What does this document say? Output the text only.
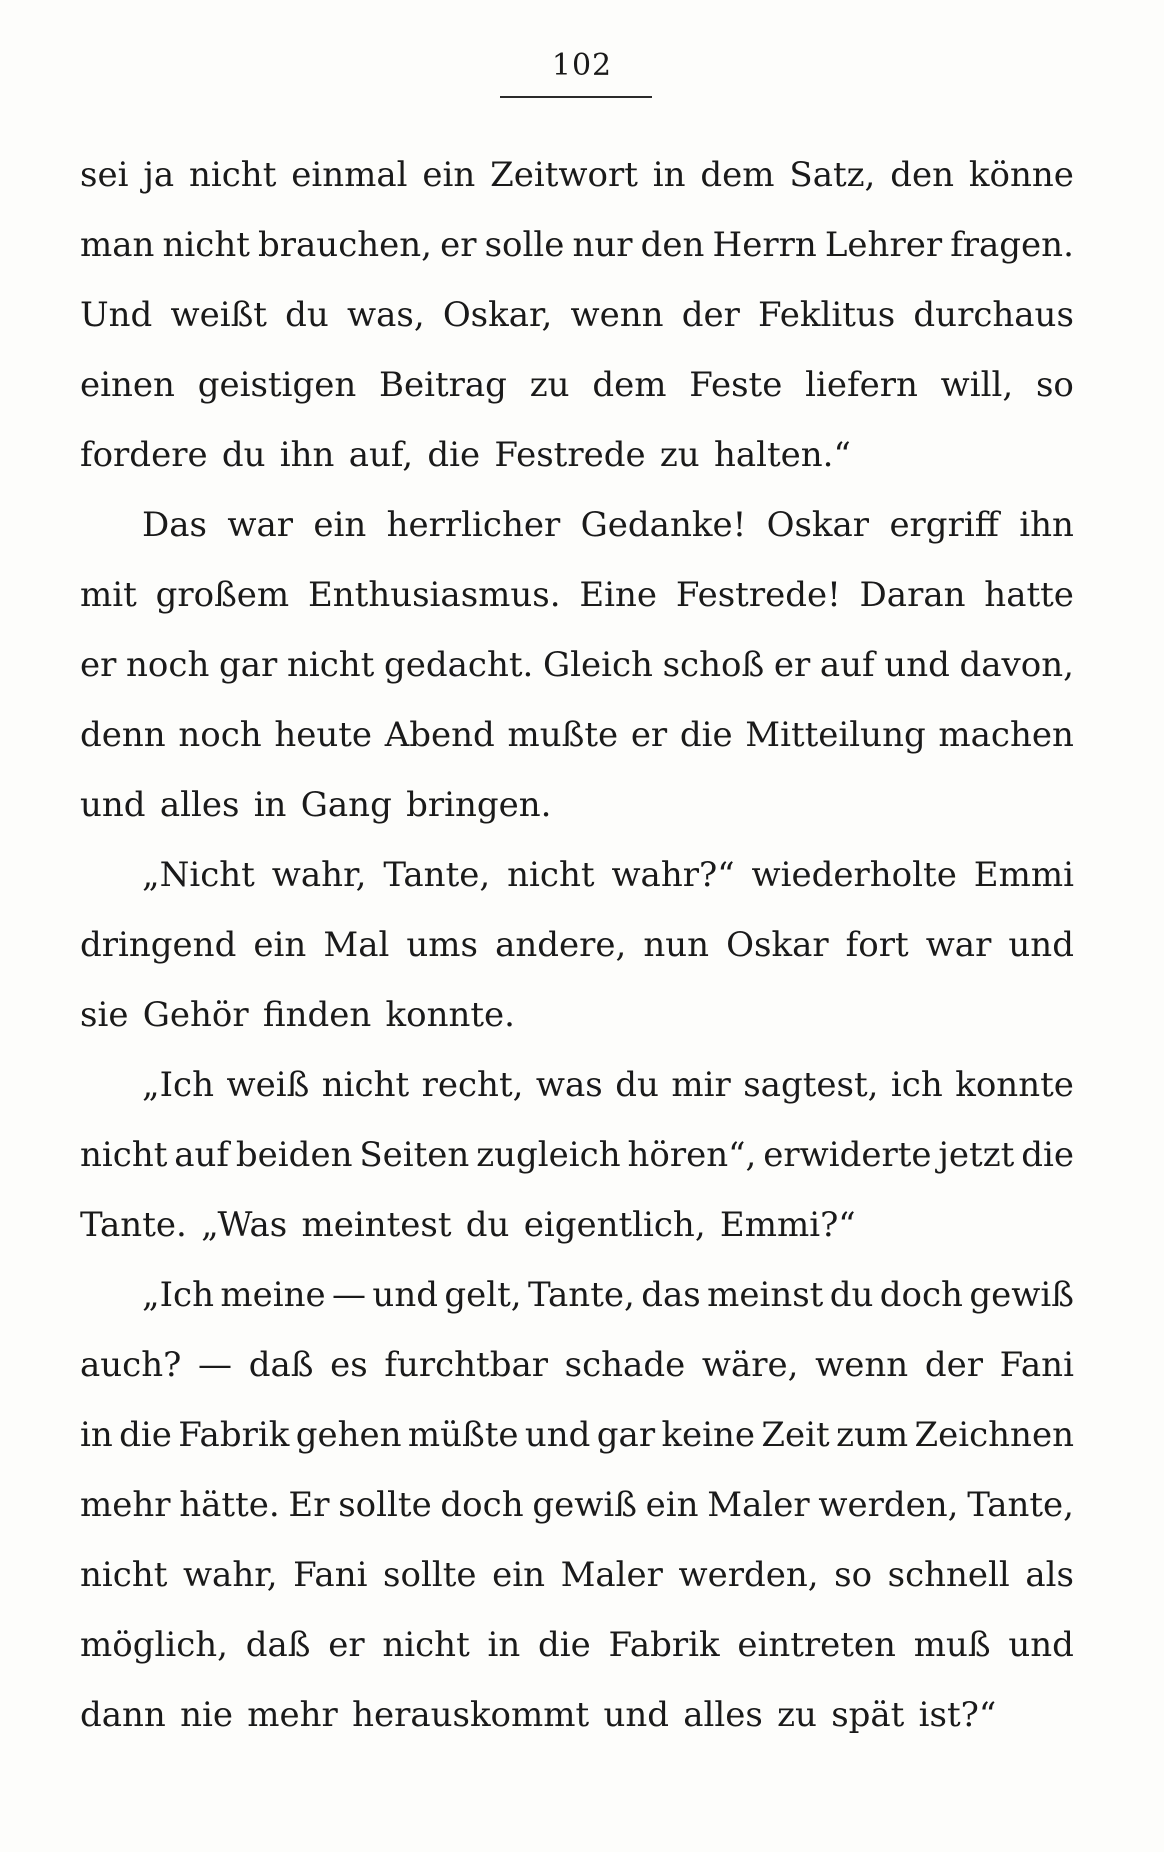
102
sei ja nicht einmal ein Zeitwort in dem Satz, den könne
man nicht brauchen, er solle nur den Herrn Lehrer fragen.
Und weißt du was, Oskar, wenn der Feklitus durchaus
einen geistigen Beitrag zu dem Feste liefern will, so
fordere du ihn auf, die Festrede zu halten.“
Das war ein herrlicher Gedanke! Oskar ergriff ihn
mit großem Enthusiasmus. Eine Festrede! Daran hatte
er noch gar nicht gedacht. Gleich schoß er auf und davon,
denn noch heute Abend mußte er die Mitteilung machen
und alles in Gang bringen.
„Nicht wahr, Tante, nicht wahr?“ wiederholte Emmi
dringend ein Mal ums andere, nun Oskar fort war und
sie Gehör finden konnte.
„Ich weiß nicht recht, was du mir sagtest, ich konnte
nicht auf beiden Seiten zugleich hören“, erwiderte jetzt die
Tante. „Was meintest du eigentlich, Emmi?“
„Ich meine — und gelt, Tante, das meinst du doch gewiß
auch? — daß es furchtbar schade wäre, wenn der Fani
in die Fabrik gehen müßte und gar keine Zeit zum Zeichnen
mehr hätte. Er sollte doch gewiß ein Maler werden, Tante,
nicht wahr, Fani sollte ein Maler werden, so schnell als
möglich, daß er nicht in die Fabrik eintreten muß und
dann nie mehr herauskommt und alles zu spät ist?“
